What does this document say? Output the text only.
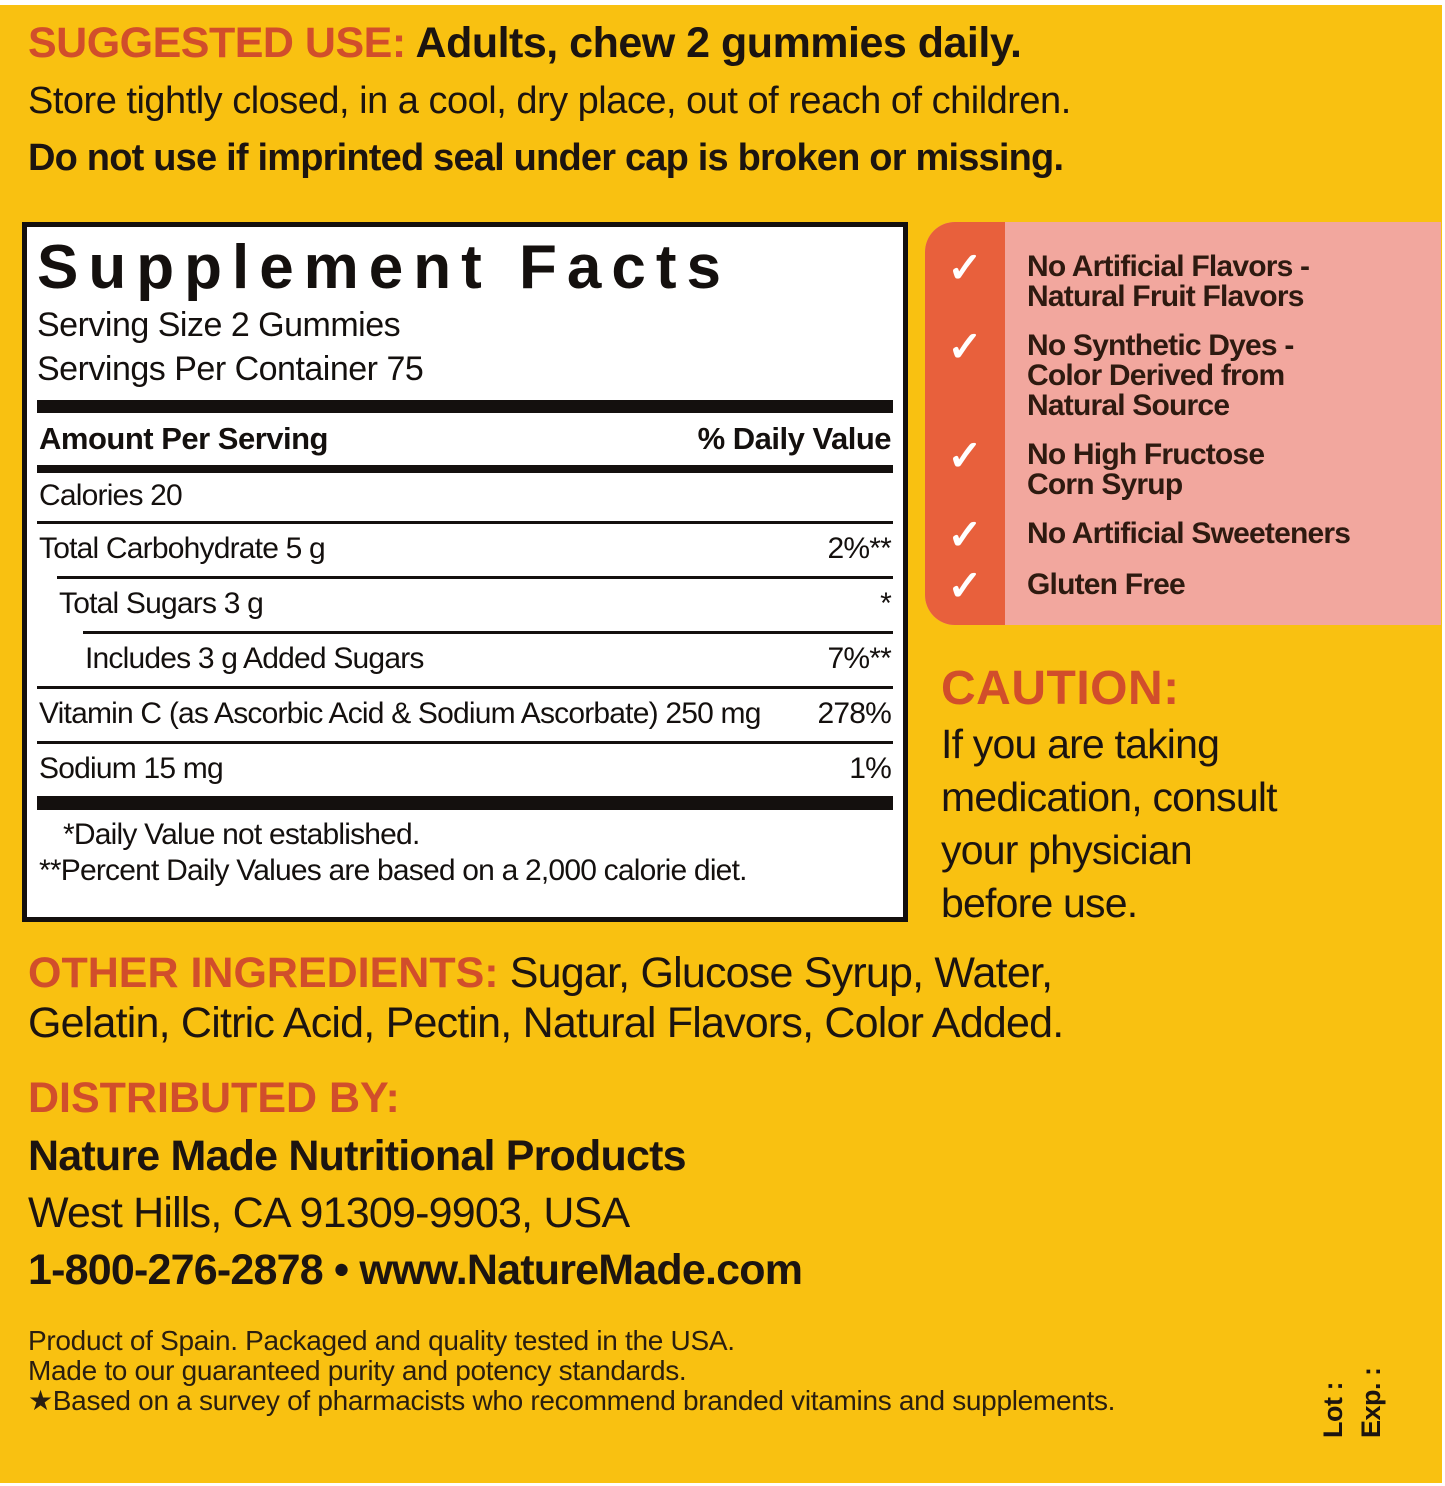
SUGGESTED USE: Adults, chew 2 gummies daily.
Store tightly closed, in a cool, dry place, out of reach of children.
Do not use if imprinted seal under cap is broken or missing.
Supplement Facts
Serving Size 2 Gummies
Servings Per Container 75
Amount Per Serving	% Daily Value
Calories 20
Total Carbohydrate 5 g	2%**
Total Sugars 3 g	*
Includes 3 g Added Sugars	7%**
Vitamin C (as Ascorbic Acid & Sodium Ascorbate) 250 mg	278%
Sodium 15 mg	1%
*Daily Value not established.
**Percent Daily Values are based on a 2,000 calorie diet.
✓	No Artificial Flavors -
Natural Fruit Flavors
✓	No Synthetic Dyes -
Color Derived from
Natural Source
✓	No High Fructose
Corn Syrup
✓	No Artificial Sweeteners
✓	Gluten Free
CAUTION:
If you are taking
medication, consult
your physician
before use.
OTHER INGREDIENTS: Sugar, Glucose Syrup, Water,
Gelatin, Citric Acid, Pectin, Natural Flavors, Color Added.
DISTRIBUTED BY:
Nature Made Nutritional Products
West Hills, CA 91309-9903, USA
1-800-276-2878 • www.NatureMade.com
Product of Spain. Packaged and quality tested in the USA.
Made to our guaranteed purity and potency standards.
★Based on a survey of pharmacists who recommend branded vitamins and supplements.	Lot : Exp. :
